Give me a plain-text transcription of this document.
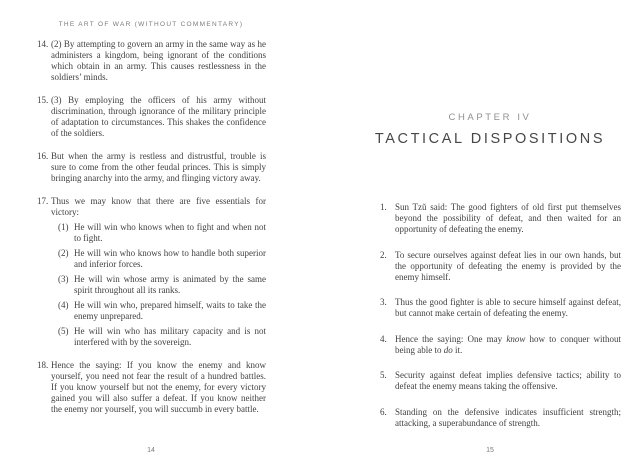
THE ART OF WAR (WITHOUT COMMENTARY)
14. (2) By attempting to govern an army in the same way as he administers a kingdom, being ignorant of the conditions which obtain in an army. This causes restlessness in the soldiers’ minds.
15. (3) By employing the officers of his army without discrimination, through ignorance of the military principle of adaptation to circumstances. This shakes the confidence of the soldiers.
16. But when the army is restless and distrustful, trouble is sure to come from the other feudal princes. This is simply bringing anarchy into the army, and flinging victory away.
17. Thus we may know that there are five essentials for victory:
(1) He will win who knows when to fight and when not to fight.
(2) He will win who knows how to handle both superior and inferior forces.
(3) He will win whose army is animated by the same spirit throughout all its ranks.
(4) He will win who, prepared himself, waits to take the enemy unprepared.
(5) He will win who has military capacity and is not interfered with by the sovereign.
18. Hence the saying: If you know the enemy and know yourself, you need not fear the result of a hundred battles. If you know yourself but not the enemy, for every victory gained you will also suffer a defeat. If you know neither the enemy nor yourself, you will succumb in every battle.
14
CHAPTER IV
TACTICAL DISPOSITIONS
1. Sun Tzŭ said: The good fighters of old first put themselves beyond the possibility of defeat, and then waited for an opportunity of defeating the enemy.
2. To secure ourselves against defeat lies in our own hands, but the opportunity of defeating the enemy is provided by the enemy himself.
3. Thus the good fighter is able to secure himself against defeat, but cannot make certain of defeating the enemy.
4. Hence the saying: One may know how to conquer without being able to do it.
5. Security against defeat implies defensive tactics; ability to defeat the enemy means taking the offensive.
6. Standing on the defensive indicates insufficient strength; attacking, a superabundance of strength.
15
